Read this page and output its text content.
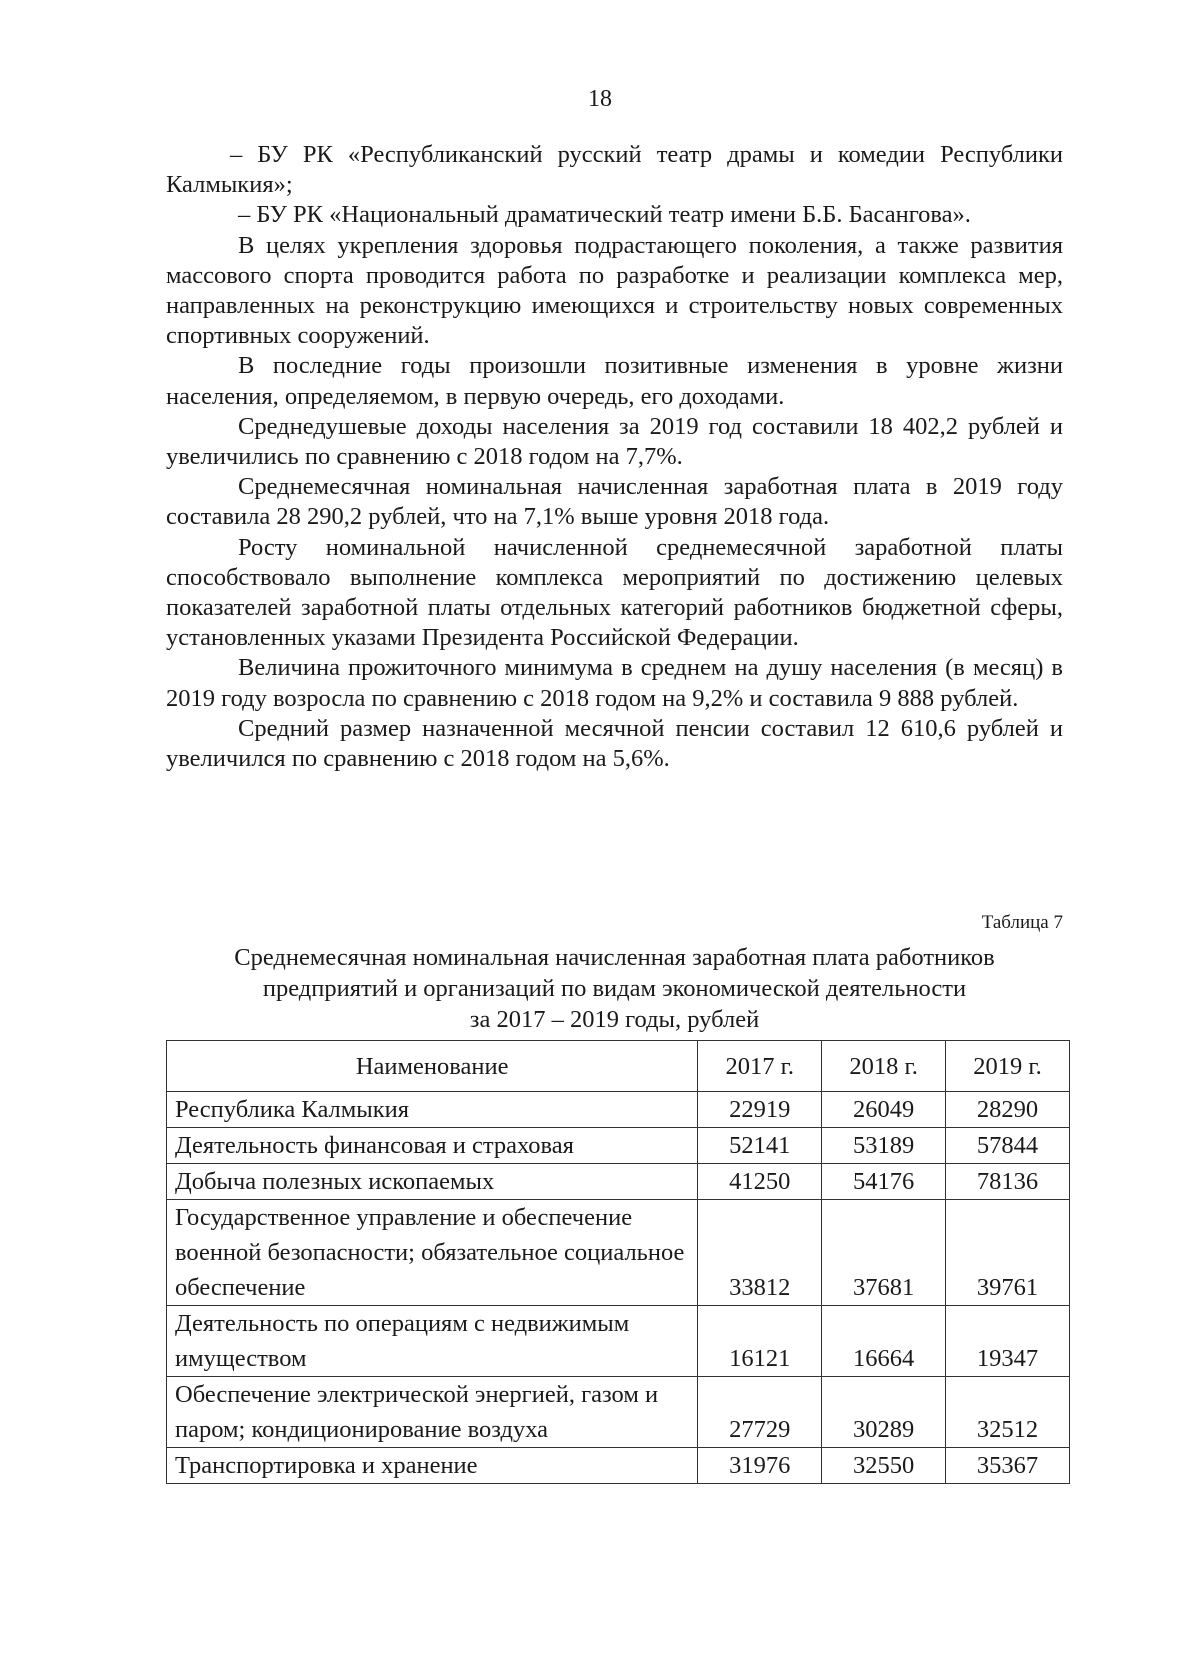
18

– БУ РК «Республиканский русский театр драмы и комедии Республики Калмыкия»;

– БУ РК «Национальный драматический театр имени Б.Б. Басангова».

В целях укрепления здоровья подрастающего поколения, а также развития массового спорта проводится работа по разработке и реализации комплекса мер, направленных на реконструкцию имеющихся и строительству новых современных спортивных сооружений.

В последние годы произошли позитивные изменения в уровне жизни населения, определяемом, в первую очередь, его доходами.

Среднедушевые доходы населения за 2019 год составили 18 402,2 рублей и увеличились по сравнению с 2018 годом на 7,7%.

Среднемесячная номинальная начисленная заработная плата в 2019 году составила 28 290,2 рублей, что на 7,1% выше уровня 2018 года.

Росту номинальной начисленной среднемесячной заработной платы способствовало выполнение комплекса мероприятий по достижению целевых показателей заработной платы отдельных категорий работников бюджетной сферы, установленных указами Президента Российской Федерации.

Величина прожиточного минимума в среднем на душу населения (в месяц) в 2019 году возросла по сравнению с 2018 годом на 9,2% и составила 9 888 рублей.

Средний размер назначенной месячной пенсии составил 12 610,6 рублей и увеличился по сравнению с 2018 годом на 5,6%.

Таблица 7
Среднемесячная номинальная начисленная заработная плата работников
предприятий и организаций по видам экономической деятельности
за 2017 – 2019 годы, рублей
Наименование	2017 г.	2018 г.	2019 г.
Республика Калмыкия	22919	26049	28290
Деятельность финансовая и страховая	52141	53189	57844
Добыча полезных ископаемых	41250	54176	78136
Государственное управление и обеспечение военной безопасности; обязательное социальное обеспечение	33812	37681	39761
Деятельность по операциям с недвижимым имуществом	16121	16664	19347
Обеспечение электрической энергией, газом и паром; кондиционирование воздуха	27729	30289	32512
Транспортировка и хранение	31976	32550	35367
